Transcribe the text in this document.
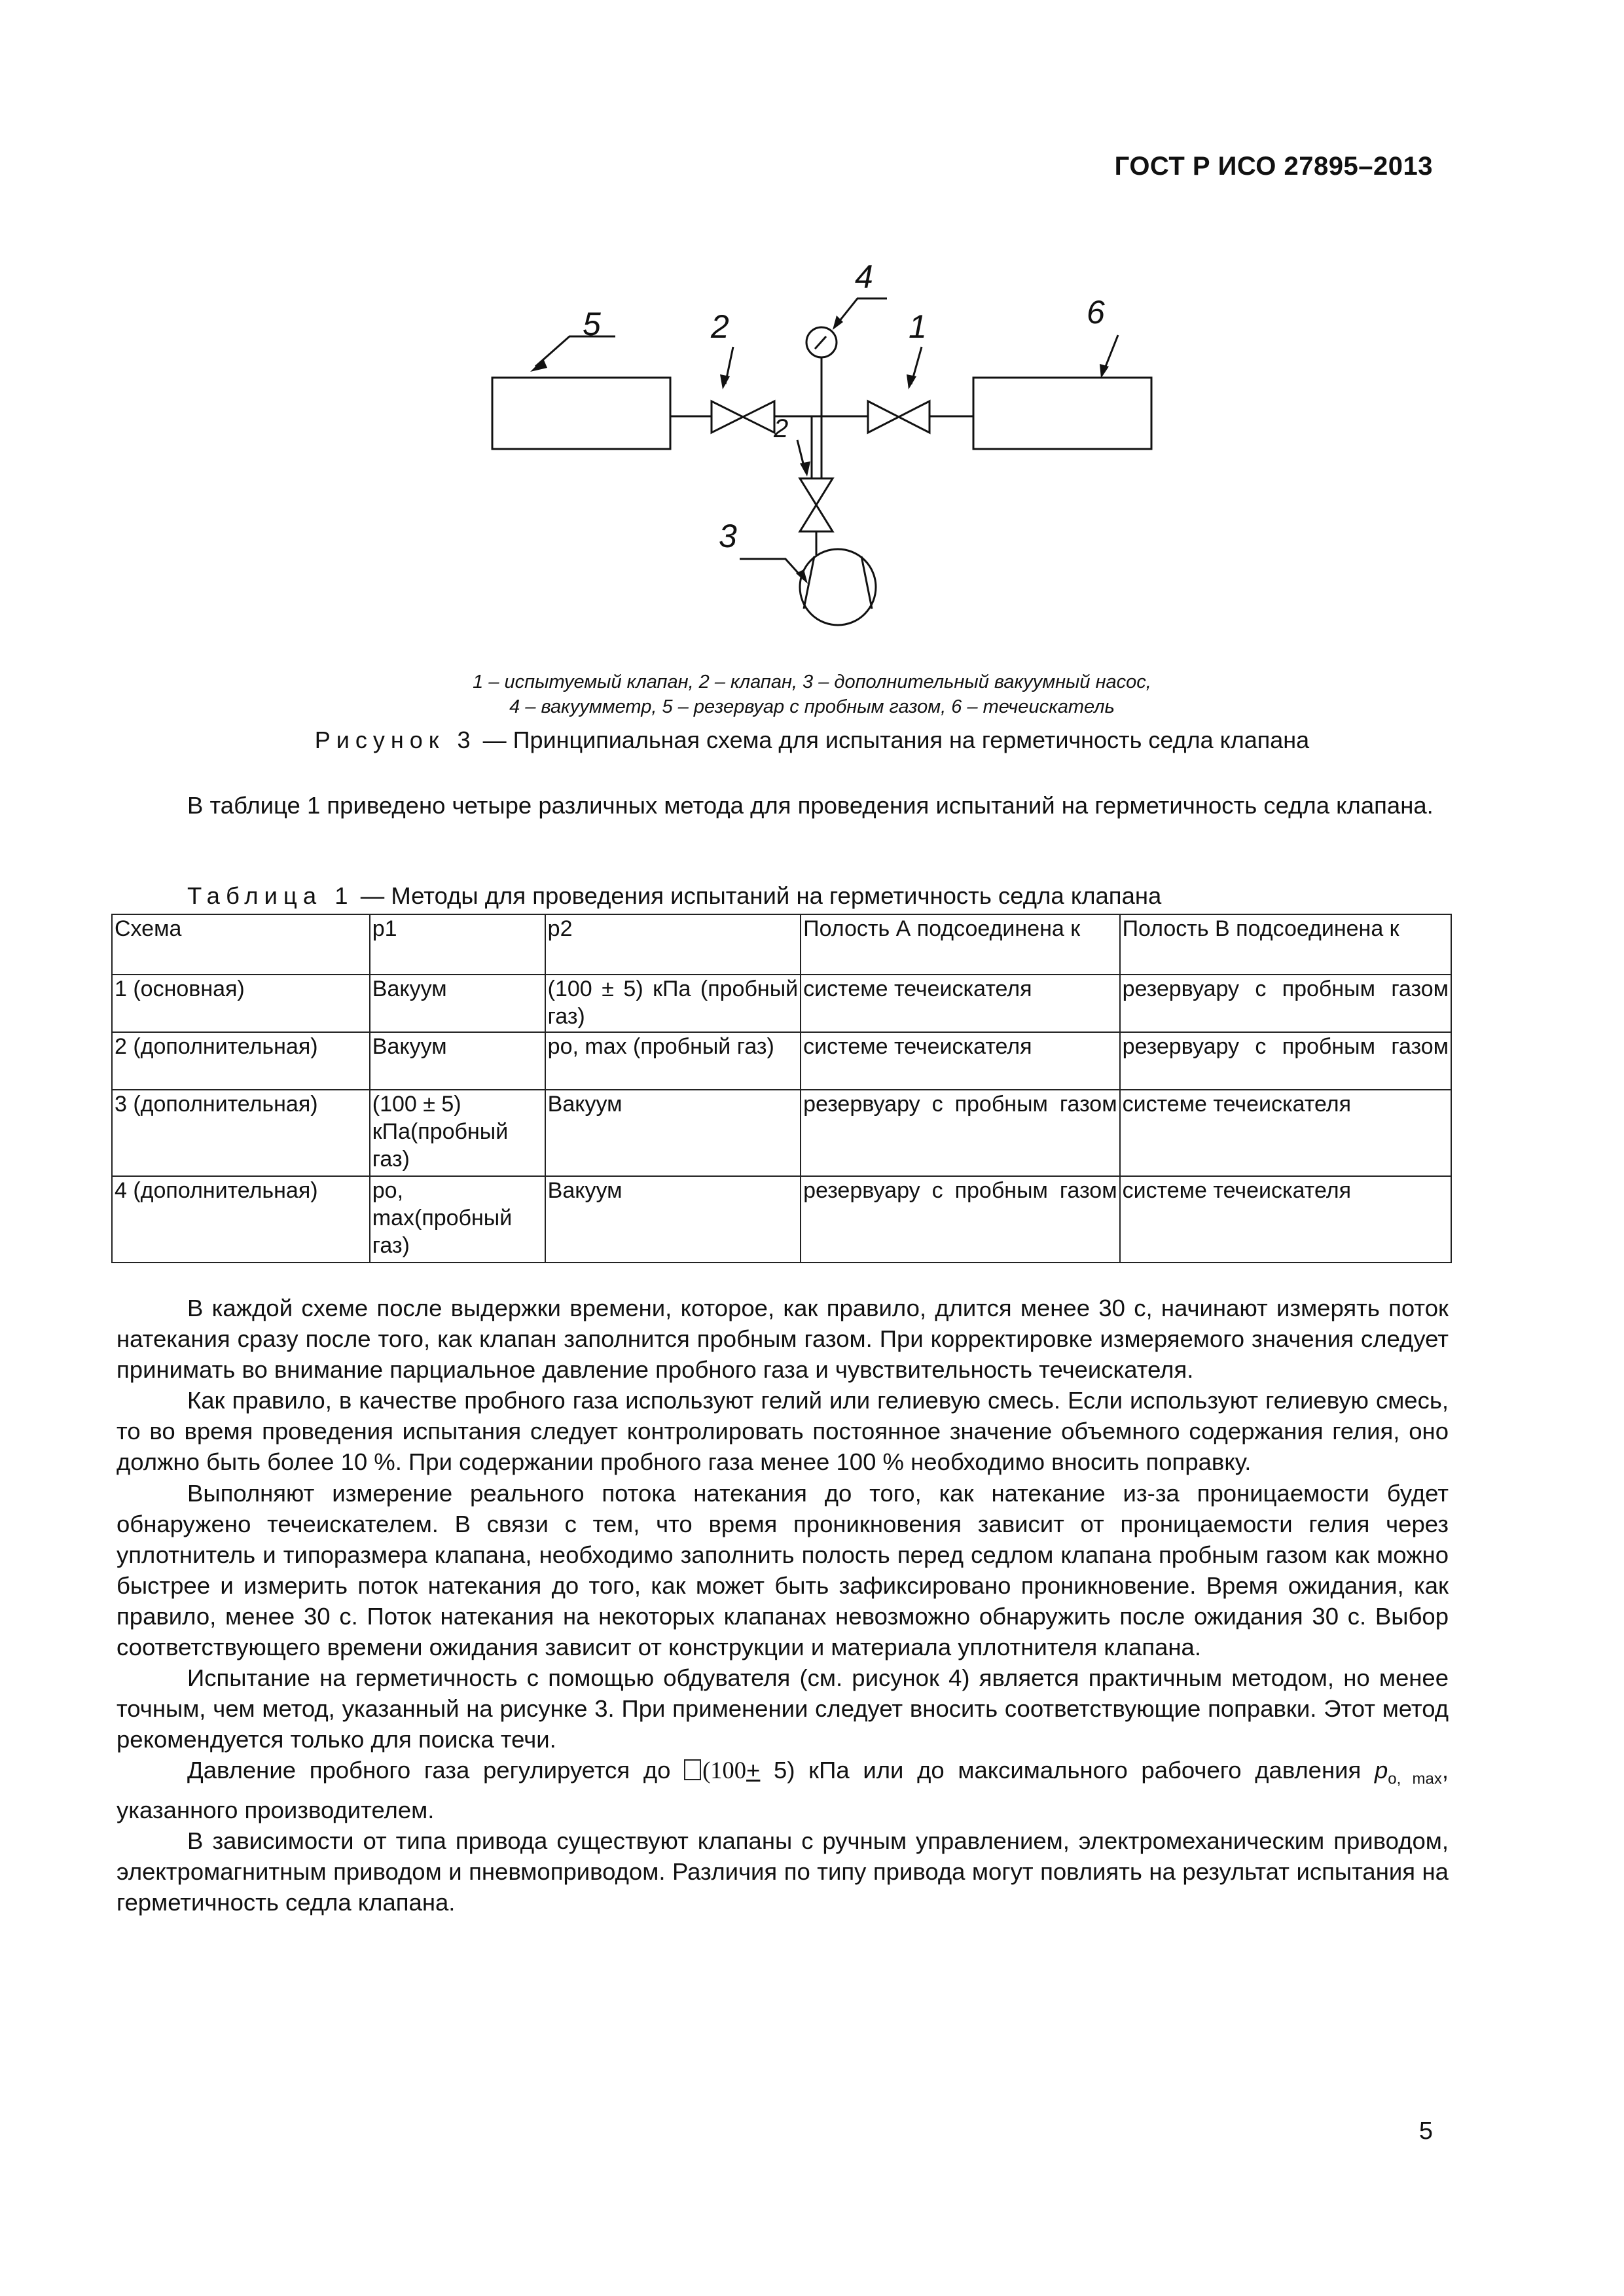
ГОСТ Р ИСО 27895–2013
5	2
4
1	6
2
3
1 – испытуемый клапан, 2 – клапан, 3 – дополнительный вакуумный насос,
4 – вакуумметр, 5 – резервуар с пробным газом, 6 – течеискатель
Рисунок 3 — Принципиальная схема для испытания на герметичность седла клапана
В таблице 1 приведено четыре различных метода для проведения испытаний на герметичность седла клапана.
Таблица 1 — Методы для проведения испытаний на герметичность седла клапана
Схема	p1	p2	Полость А подсоединена к	Полость В подсоединена к
1 (основная)	Вакуум	(100 ± 5) кПа (пробный газ)	системе течеискателя	резервуару с пробным газом
2 (дополнительная)	Вакуум	po, max (пробный газ)	системе течеискателя	резервуару с пробным газом
3 (дополнительная)	(100 ± 5) кПа(пробный газ)	Вакуум	резервуару с пробным газом	системе течеискателя
4 (дополнительная)	po, max(пробный газ)	Вакуум	резервуару с пробным газом	системе течеискателя

В каждой схеме после выдержки времени, которое, как правило, длится менее 30 с, начинают измерять поток натекания сразу после того, как клапан заполнится пробным газом. При корректировке измеряемого значения следует принимать во внимание парциальное давление пробного газа и чувствительность течеискателя.

Как правило, в качестве пробного газа используют гелий или гелиевую смесь. Если используют гелиевую смесь, то во время проведения испытания следует контролировать постоянное значение объемного содержания гелия, оно должно быть более 10 %. При содержании пробного газа менее 100 % необходимо вносить поправку.

Выполняют измерение реального потока натекания до того, как натекание из-за проницаемости будет обнаружено течеискателем. В связи с тем, что время проникновения зависит от проницаемости гелия через уплотнитель и типоразмера клапана, необходимо заполнить полость перед седлом клапана пробным газом как можно быстрее и измерить поток натекания до того, как может быть зафиксировано проникновение. Время ожидания, как правило, менее 30 с. Поток натекания на некоторых клапанах невозможно обнаружить после ожидания 30 с. Выбор соответствующего времени ожидания зависит от конструкции и материала уплотнителя клапана.

Испытание на герметичность с помощью обдувателя (см. рисунок 4) является практичным методом, но менее точным, чем метод, указанный на рисунке 3. При применении следует вносить соответствующие поправки. Этот метод рекомендуется только для поиска течи.

Давление пробного газа регулируется до (100+ 5) кПа или до максимального рабочего давления $p_{o, max}$, указанного производителем.

В зависимости от типа привода существуют клапаны с ручным управлением, электромеханическим приводом, электромагнитным приводом и пневмоприводом. Различия по типу привода могут повлиять на результат испытания на герметичность седла клапана.

5
